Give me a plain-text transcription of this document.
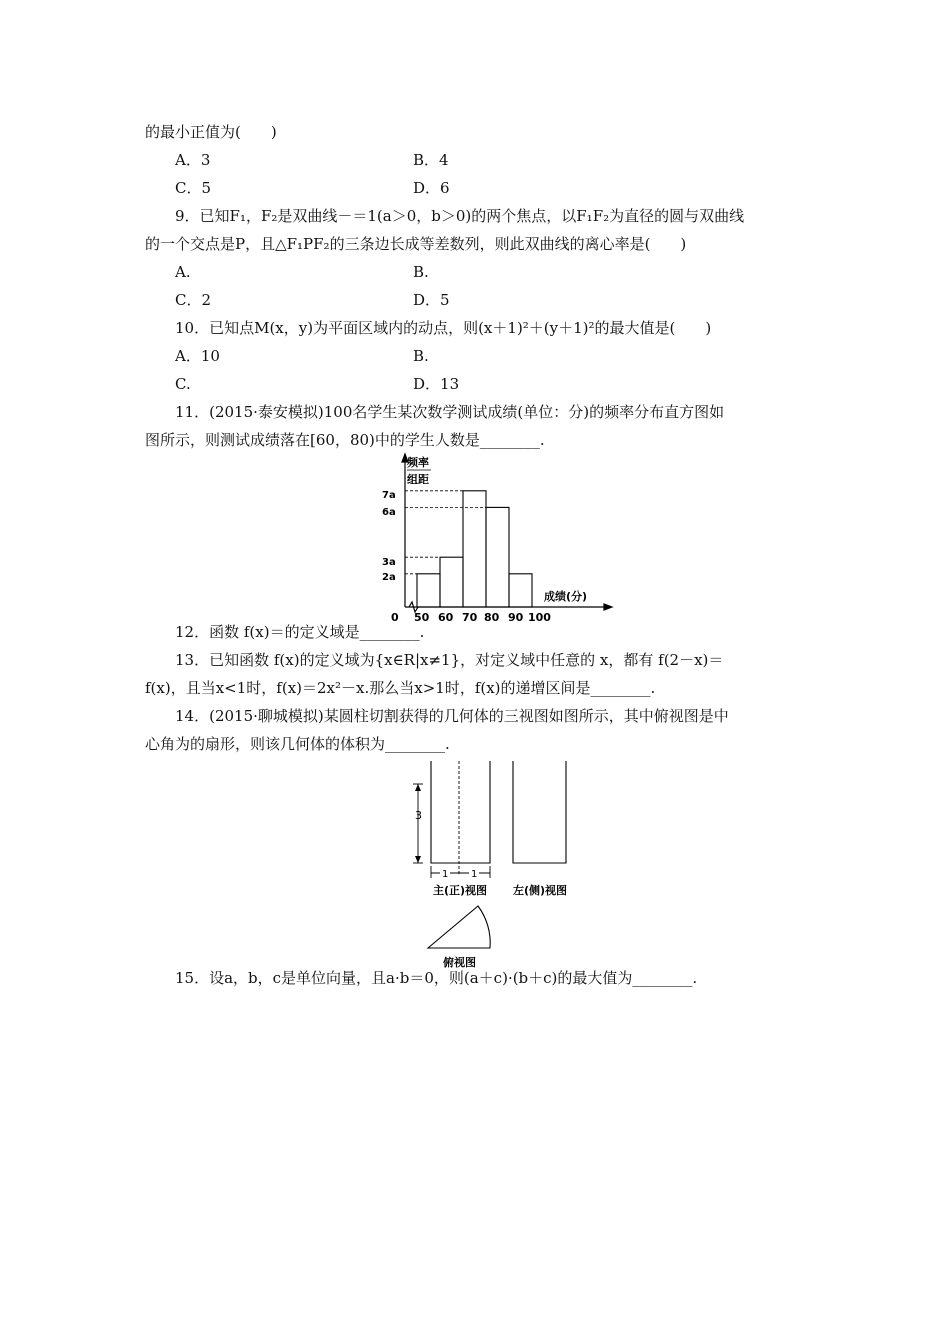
的最小正值为(　　)
A．3	B．4
C．5	D．6
9．已知F₁，F₂是双曲线－＝1(a＞0，b＞0)的两个焦点，以F₁F₂为直径的圆与双曲线
的一个交点是P，且△F₁PF₂的三条边长成等差数列，则此双曲线的离心率是(　　)
A.	B.
C．2	D．5
10．已知点M(x，y)为平面区域内的动点，则(x＋1)²＋(y＋1)²的最大值是(　　)
A．10	B.
C.	D．13
11．(2015·泰安模拟)100名学生某次数学测试成绩(单位：分)的频率分布直方图如
图所示，则测试成绩落在[60，80)中的学生人数是________.
频率
组距
7a
6a
3a
2a
0 50 60 70 80 90 100
成绩(分)
12．函数 f(x)＝的定义域是________.
13．已知函数 f(x)的定义域为{x∈R|x≠1}，对定义域中任意的 x，都有 f(2－x)＝
f(x)，且当x<1时，f(x)＝2x²－x.那么当x>1时，f(x)的递增区间是________.
14．(2015·聊城模拟)某圆柱切割获得的几何体的三视图如图所示，其中俯视图是中
心角为的扇形，则该几何体的体积为________.
3
1 1
主(正)视图 左(侧)视图
俯视图
15．设a，b，c是单位向量，且a·b＝0，则(a＋c)·(b＋c)的最大值为________.
